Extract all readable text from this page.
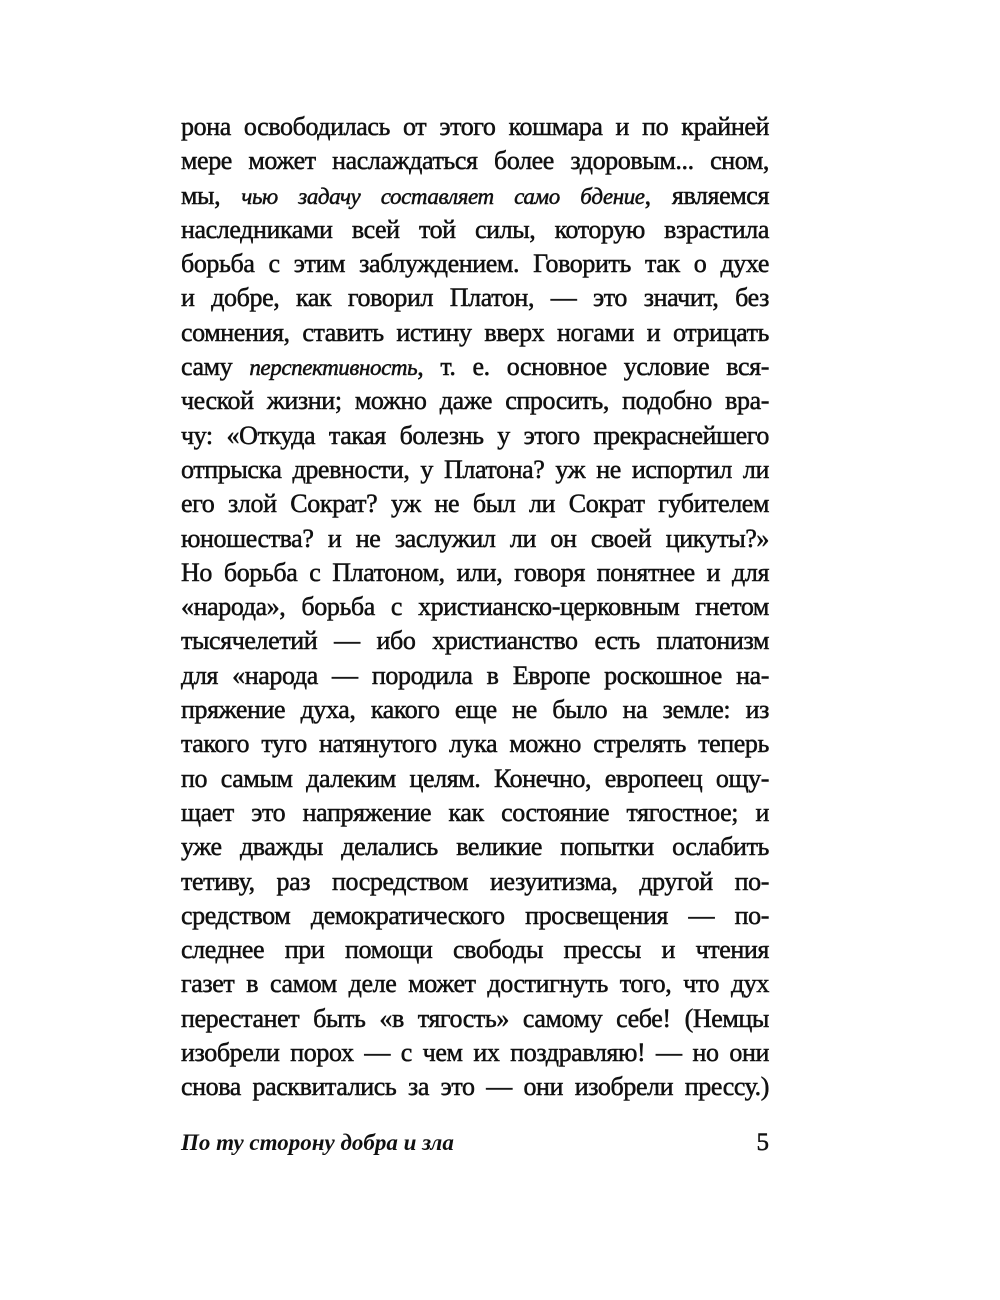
рона освободилась от этого кошмара и по крайней
мере может наслаждаться более здоровым... сном,
мы, чью задачу составляет само бдение, являемся
наследниками всей той силы, которую взрастила
борьба с этим заблуждением. Говорить так о духе
и добре, как говорил Платон, — это значит, без
сомнения, ставить истину вверх ногами и отрицать
саму перспективность, т. е. основное условие вся-
ческой жизни; можно даже спросить, подобно вра-
чу: «Откуда такая болезнь у этого прекраснейшего
отпрыска древности, у Платона? уж не испортил ли
его злой Сократ? уж не был ли Сократ губителем
юношества? и не заслужил ли он своей цикуты?»
Но борьба с Платоном, или, говоря понятнее и для
«народа», борьба с христианско-церковным гнетом
тысячелетий — ибо христианство есть платонизм
для «народа — породила в Европе роскошное на-
пряжение духа, какого еще не было на земле: из
такого туго натянутого лука можно стрелять теперь
по самым далеким целям. Конечно, европеец ощу-
щает это напряжение как состояние тягостное; и
уже дважды делались великие попытки ослабить
тетиву, раз посредством иезуитизма, другой по-
средством демократического просвещения — по-
следнее при помощи свободы прессы и чтения
газет в самом деле может достигнуть того, что дух
перестанет быть «в тягость» самому себе! (Немцы
изобрели порох — с чем их поздравляю! — но они
снова расквитались за это — они изобрели прессу.)
По ту сторону добра и зла	5
